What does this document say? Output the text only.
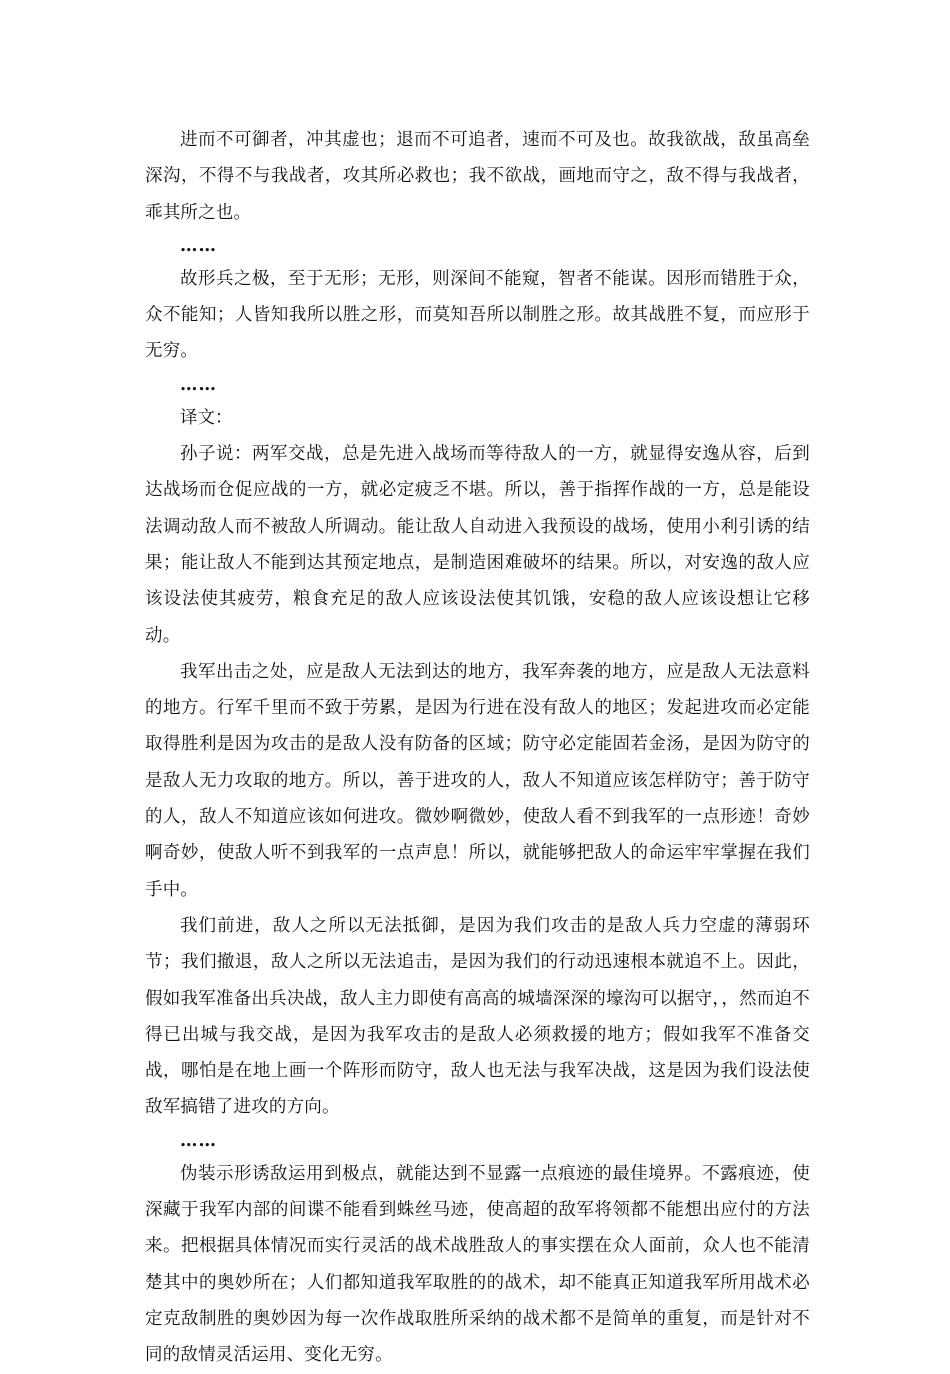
进而不可御者，冲其虚也；退而不可追者，速而不可及也。故我欲战，敌虽高垒深沟，不得不与我战者，攻其所必救也；我不欲战，画地而守之，敌不得与我战者，乖其所之也。

……

故形兵之极，至于无形；无形，则深间不能窥，智者不能谋。因形而错胜于众，众不能知；人皆知我所以胜之形，而莫知吾所以制胜之形。故其战胜不复，而应形于无穷。

……

译文：

孙子说：两军交战，总是先进入战场而等待敌人的一方，就显得安逸从容，后到达战场而仓促应战的一方，就必定疲乏不堪。所以，善于指挥作战的一方，总是能设法调动敌人而不被敌人所调动。能让敌人自动进入我预设的战场，使用小利引诱的结果；能让敌人不能到达其预定地点，是制造困难破坏的结果。所以，对安逸的敌人应该设法使其疲劳，粮食充足的敌人应该设法使其饥饿，安稳的敌人应该设想让它移动。

我军出击之处，应是敌人无法到达的地方，我军奔袭的地方，应是敌人无法意料的地方。行军千里而不致于劳累，是因为行进在没有敌人的地区；发起进攻而必定能取得胜利是因为攻击的是敌人没有防备的区域；防守必定能固若金汤，是因为防守的是敌人无力攻取的地方。所以，善于进攻的人，敌人不知道应该怎样防守；善于防守的人，敌人不知道应该如何进攻。微妙啊微妙，使敌人看不到我军的一点形迹！奇妙啊奇妙，使敌人听不到我军的一点声息！所以，就能够把敌人的命运牢牢掌握在我们手中。

我们前进，敌人之所以无法抵御，是因为我们攻击的是敌人兵力空虚的薄弱环节；我们撤退，敌人之所以无法追击，是因为我们的行动迅速根本就追不上。因此，假如我军准备出兵决战，敌人主力即使有高高的城墙深深的壕沟可以据守，，然而迫不得已出城与我交战，是因为我军攻击的是敌人必须救援的地方；假如我军不准备交战，哪怕是在地上画一个阵形而防守，敌人也无法与我军决战，这是因为我们设法使敌军搞错了进攻的方向。

……

伪装示形诱敌运用到极点，就能达到不显露一点痕迹的最佳境界。不露痕迹，使深藏于我军内部的间谍不能看到蛛丝马迹，使高超的敌军将领都不能想出应付的方法来。把根据具体情况而实行灵活的战术战胜敌人的事实摆在众人面前，众人也不能清楚其中的奥妙所在；人们都知道我军取胜的的战术，却不能真正知道我军所用战术必定克敌制胜的奥妙因为每一次作战取胜所采纳的战术都不是简单的重复，而是针对不同的敌情灵活运用、变化无穷。
